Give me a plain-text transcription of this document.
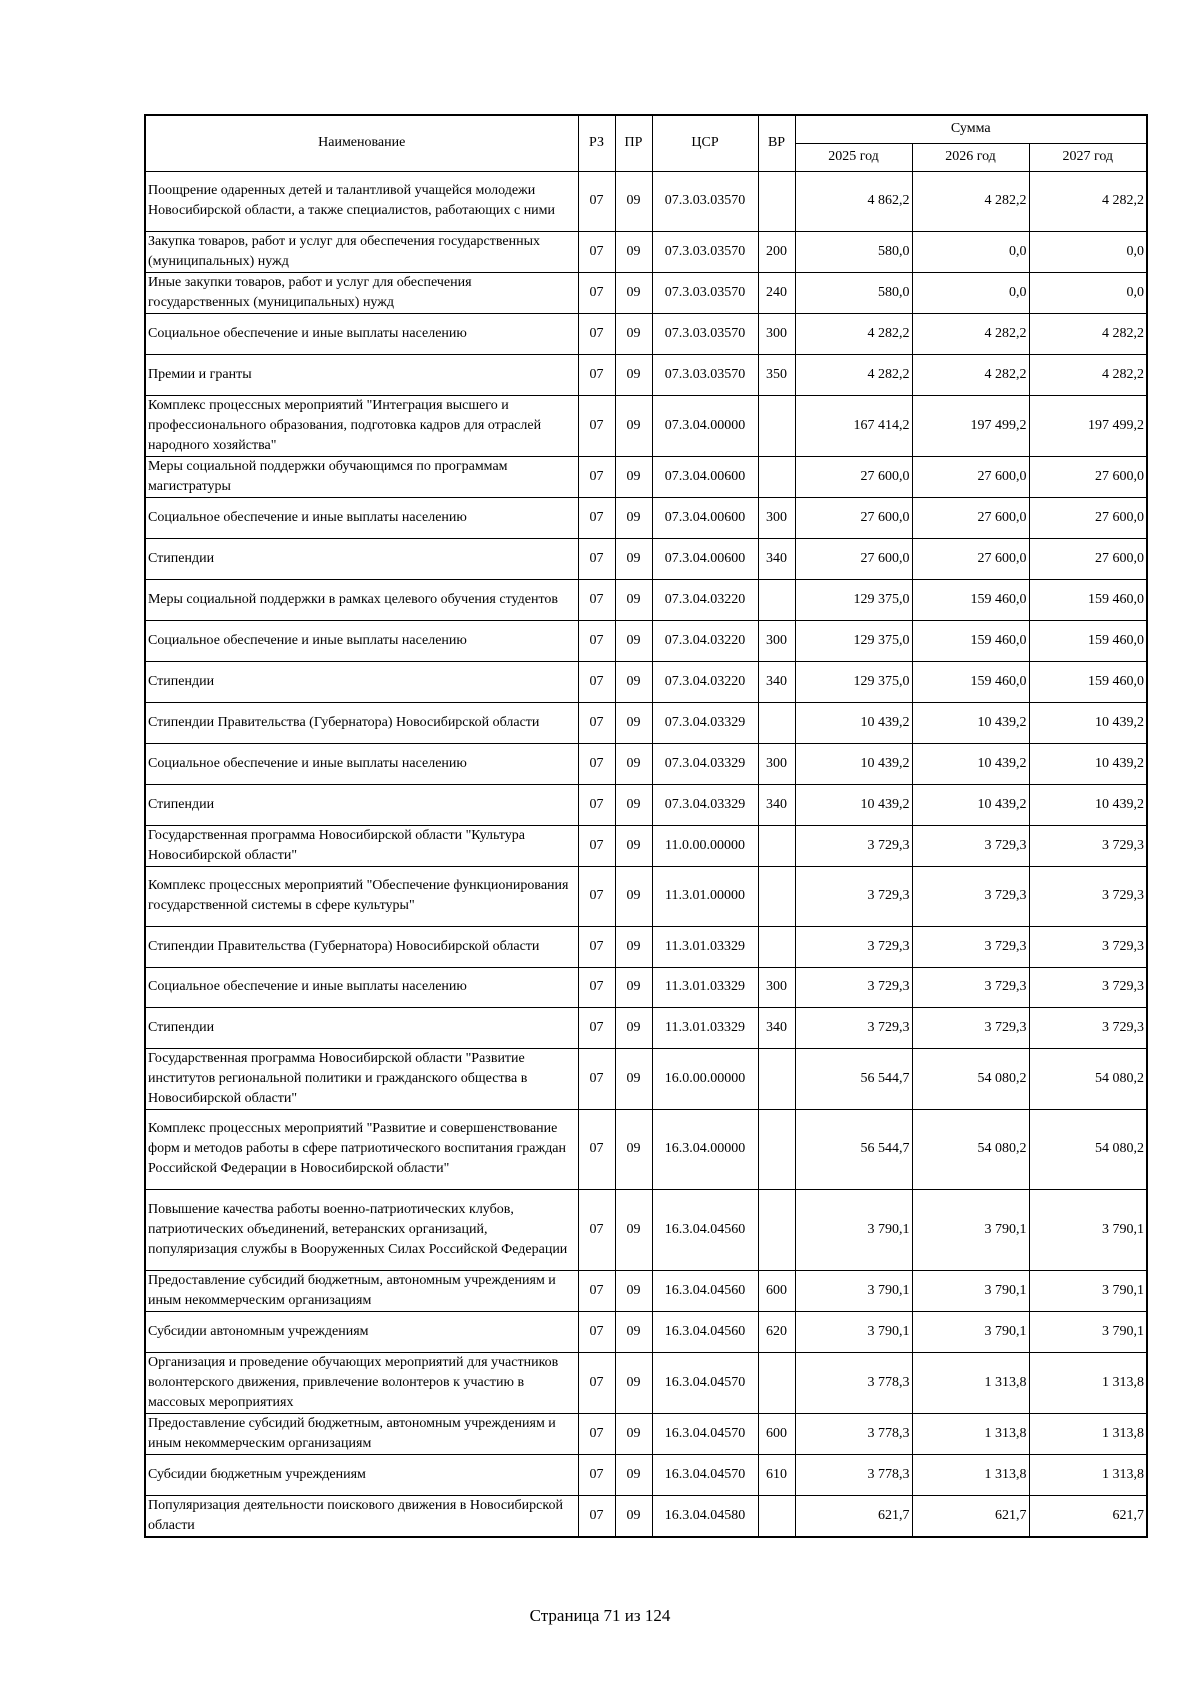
Наименование	РЗ	ПР	ЦСР	ВР	Сумма		
					2025 год	2026 год	2027 год
Поощрение одаренных детей и талантливой учащейся молодежи Новосибирской области, а также специалистов, работающих с ними	07	09	07.3.03.03570		4 862,2	4 282,2	4 282,2
Закупка товаров, работ и услуг для обеспечения государственных (муниципальных) нужд	07	09	07.3.03.03570	200	580,0	0,0	0,0
Иные закупки товаров, работ и услуг для обеспечения государственных (муниципальных) нужд	07	09	07.3.03.03570	240	580,0	0,0	0,0
Социальное обеспечение и иные выплаты населению	07	09	07.3.03.03570	300	4 282,2	4 282,2	4 282,2
Премии и гранты	07	09	07.3.03.03570	350	4 282,2	4 282,2	4 282,2
Комплекс процессных мероприятий "Интеграция высшего и профессионального образования, подготовка кадров для отраслей народного хозяйства"	07	09	07.3.04.00000		167 414,2	197 499,2	197 499,2
Меры социальной поддержки обучающимся по программам магистратуры	07	09	07.3.04.00600		27 600,0	27 600,0	27 600,0
Социальное обеспечение и иные выплаты населению	07	09	07.3.04.00600	300	27 600,0	27 600,0	27 600,0
Стипендии	07	09	07.3.04.00600	340	27 600,0	27 600,0	27 600,0
Меры социальной поддержки в рамках целевого обучения студентов	07	09	07.3.04.03220		129 375,0	159 460,0	159 460,0
Социальное обеспечение и иные выплаты населению	07	09	07.3.04.03220	300	129 375,0	159 460,0	159 460,0
Стипендии	07	09	07.3.04.03220	340	129 375,0	159 460,0	159 460,0
Стипендии Правительства (Губернатора) Новосибирской области	07	09	07.3.04.03329		10 439,2	10 439,2	10 439,2
Социальное обеспечение и иные выплаты населению	07	09	07.3.04.03329	300	10 439,2	10 439,2	10 439,2
Стипендии	07	09	07.3.04.03329	340	10 439,2	10 439,2	10 439,2
Государственная программа Новосибирской области "Культура Новосибирской области"	07	09	11.0.00.00000		3 729,3	3 729,3	3 729,3
Комплекс процессных мероприятий "Обеспечение функционирования государственной системы в сфере культуры"	07	09	11.3.01.00000		3 729,3	3 729,3	3 729,3
Стипендии Правительства (Губернатора) Новосибирской области	07	09	11.3.01.03329		3 729,3	3 729,3	3 729,3
Социальное обеспечение и иные выплаты населению	07	09	11.3.01.03329	300	3 729,3	3 729,3	3 729,3
Стипендии	07	09	11.3.01.03329	340	3 729,3	3 729,3	3 729,3
Государственная программа Новосибирской области "Развитие институтов региональной политики и гражданского общества в Новосибирской области"	07	09	16.0.00.00000		56 544,7	54 080,2	54 080,2
Комплекс процессных мероприятий "Развитие и совершенствование форм и методов работы в сфере патриотического воспитания граждан Российской Федерации в Новосибирской области"	07	09	16.3.04.00000		56 544,7	54 080,2	54 080,2
Повышение качества работы военно-патриотических клубов, патриотических объединений, ветеранских организаций, популяризация службы в Вооруженных Силах Российской Федерации	07	09	16.3.04.04560		3 790,1	3 790,1	3 790,1
Предоставление субсидий бюджетным, автономным учреждениям и иным некоммерческим организациям	07	09	16.3.04.04560	600	3 790,1	3 790,1	3 790,1
Субсидии автономным учреждениям	07	09	16.3.04.04560	620	3 790,1	3 790,1	3 790,1
Организация и проведение обучающих мероприятий для участников волонтерского движения, привлечение волонтеров к участию в массовых мероприятиях	07	09	16.3.04.04570		3 778,3	1 313,8	1 313,8
Предоставление субсидий бюджетным, автономным учреждениям и иным некоммерческим организациям	07	09	16.3.04.04570	600	3 778,3	1 313,8	1 313,8
Субсидии бюджетным учреждениям	07	09	16.3.04.04570	610	3 778,3	1 313,8	1 313,8
Популяризация деятельности поискового движения в Новосибирской области	07	09	16.3.04.04580		621,7	621,7	621,7
Страница 71 из 124
